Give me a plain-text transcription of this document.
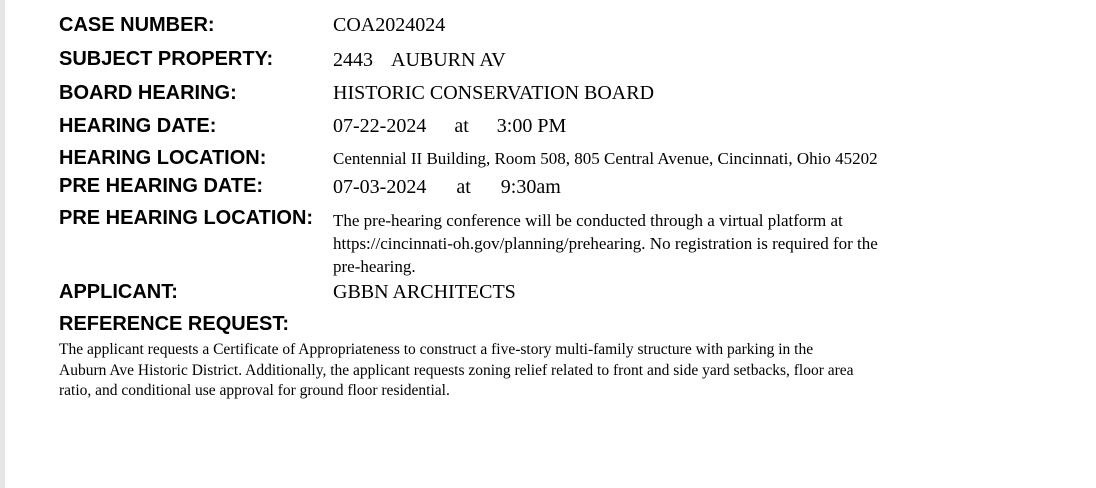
CASE NUMBER:	COA2024024
SUBJECT PROPERTY:	2443 AUBURN AV
BOARD HEARING:	HISTORIC CONSERVATION BOARD
HEARING DATE:	07-22-2024 at 3:00 PM
HEARING LOCATION:	Centennial II Building, Room 508, 805 Central Avenue, Cincinnati, Ohio 45202
PRE HEARING DATE:	07-03-2024 at 9:30am
PRE HEARING LOCATION: The pre-hearing conference will be conducted through a virtual platform at
https://cincinnati-oh.gov/planning/prehearing. No registration is required for the
pre-hearing.
APPLICANT:	GBBN ARCHITECTS
REFERENCE REQUEST:
The applicant requests a Certificate of Appropriateness to construct a five-story multi-family structure with parking in the
Auburn Ave Historic District. Additionally, the applicant requests zoning relief related to front and side yard setbacks, floor area
ratio, and conditional use approval for ground floor residential.
